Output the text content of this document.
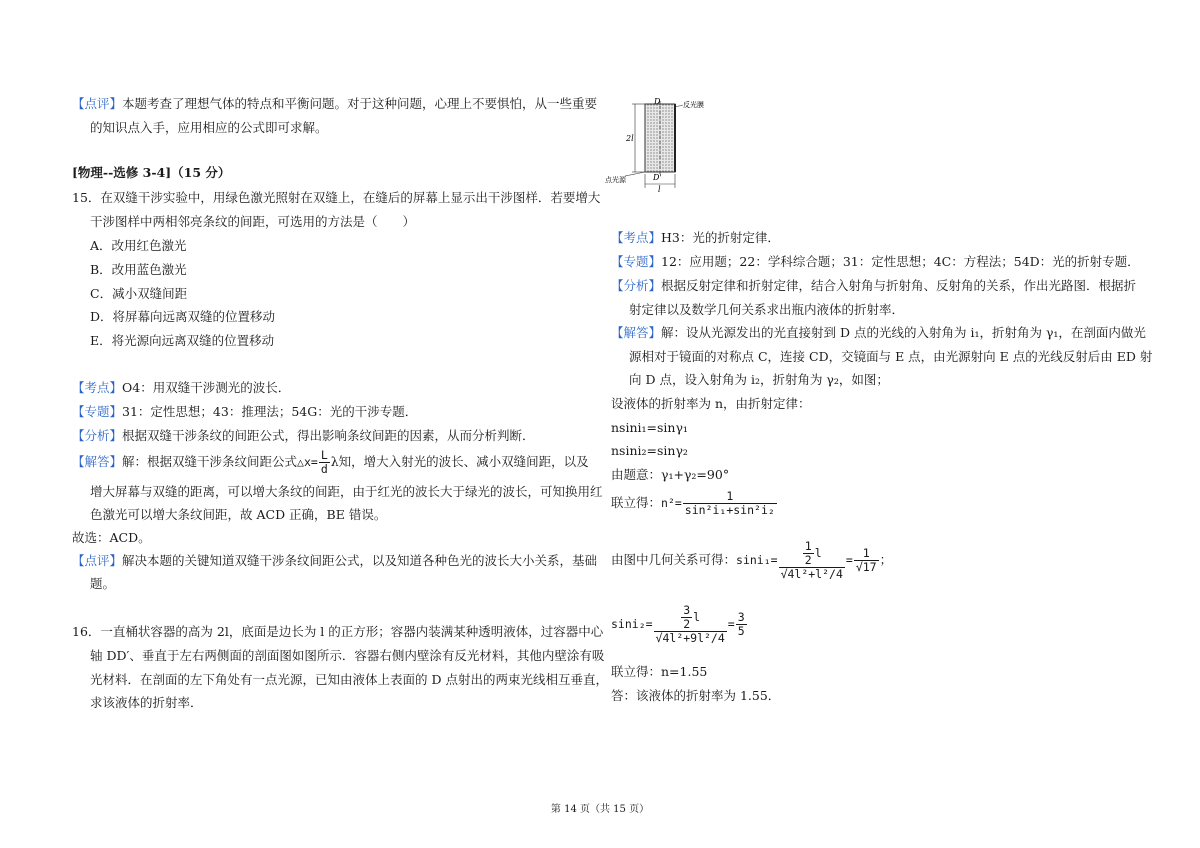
【点评】本题考查了理想气体的特点和平衡问题。对于这种问题，心理上不要惧怕，从一些重要
的知识点入手，应用相应的公式即可求解。
[物理--选修 3-4]（15 分）
15．在双缝干涉实验中，用绿色激光照射在双缝上，在缝后的屏幕上显示出干涉图样．若要增大
干涉图样中两相邻亮条纹的间距，可选用的方法是（　　）
A．改用红色激光
B．改用蓝色激光
C．减小双缝间距
D．将屏幕向远离双缝的位置移动
E．将光源向远离双缝的位置移动
【考点】O4：用双缝干涉测光的波长．
【专题】31：定性思想；43：推理法；54G：光的干涉专题．
【分析】根据双缝干涉条纹的间距公式，得出影响条纹间距的因素，从而分析判断．
【解答】解：根据双缝干涉条纹间距公式△x= $\frac{L}{d}$ λ知，增大入射光的波长、减小双缝间距，以及
增大屏幕与双缝的距离，可以增大条纹的间距，由于红光的波长大于绿光的波长，可知换用红
色激光可以增大条纹间距，故 ACD 正确，BE 错误。
故选：ACD。
【点评】解决本题的关键知道双缝干涉条纹间距公式，以及知道各种色光的波长大小关系，基础
题。
16．一直桶状容器的高为 2l，底面是边长为 l 的正方形；容器内装满某种透明液体，过容器中心
轴 DD′、垂直于左右两侧面的剖面图如图所示．容器右侧内壁涂有反光材料，其他内壁涂有吸
光材料．在剖面的左下角处有一点光源，已知由液体上表面的 D 点射出的两束光线相互垂直，
求该液体的折射率．
D
D'
反光膜
2l
l
点光源
【考点】H3：光的折射定律．
【专题】12：应用题；22：学科综合题；31：定性思想；4C：方程法；54D：光的折射专题．
【分析】根据反射定律和折射定律，结合入射角与折射角、反射角的关系，作出光路图．根据折
射定律以及数学几何关系求出瓶内液体的折射率．
【解答】解：设从光源发出的光直接射到 D 点的光线的入射角为 i₁，折射角为 γ₁，在剖面内做光
源相对于镜面的对称点 C，连接 CD，交镜面与 E 点，由光源射向 E 点的光线反射后由 ED 射
向 D 点，设入射角为 i₂，折射角为 γ₂，如图；
设液体的折射率为 n，由折射定律：
nsini₁=sinγ₁
nsini₂=sinγ₂
由题意：γ₁+γ₂=90°
联立得：$n^2= \frac{1}{\text{sin²i₁+sin²i₂}}$
由图中几何关系可得：$\sin i_1= \frac{\frac{1}{2} l}{\text{√4l²+l²/4}} = \frac{1}{√17}$ ；
$\sin i_2= \frac{\frac{3}{2} l}{\text{√4l²+9l²/4}} = \frac{3}{5}$
联立得：n=1.55
答：该液体的折射率为 1.55．
第 14 页（共 15 页）
